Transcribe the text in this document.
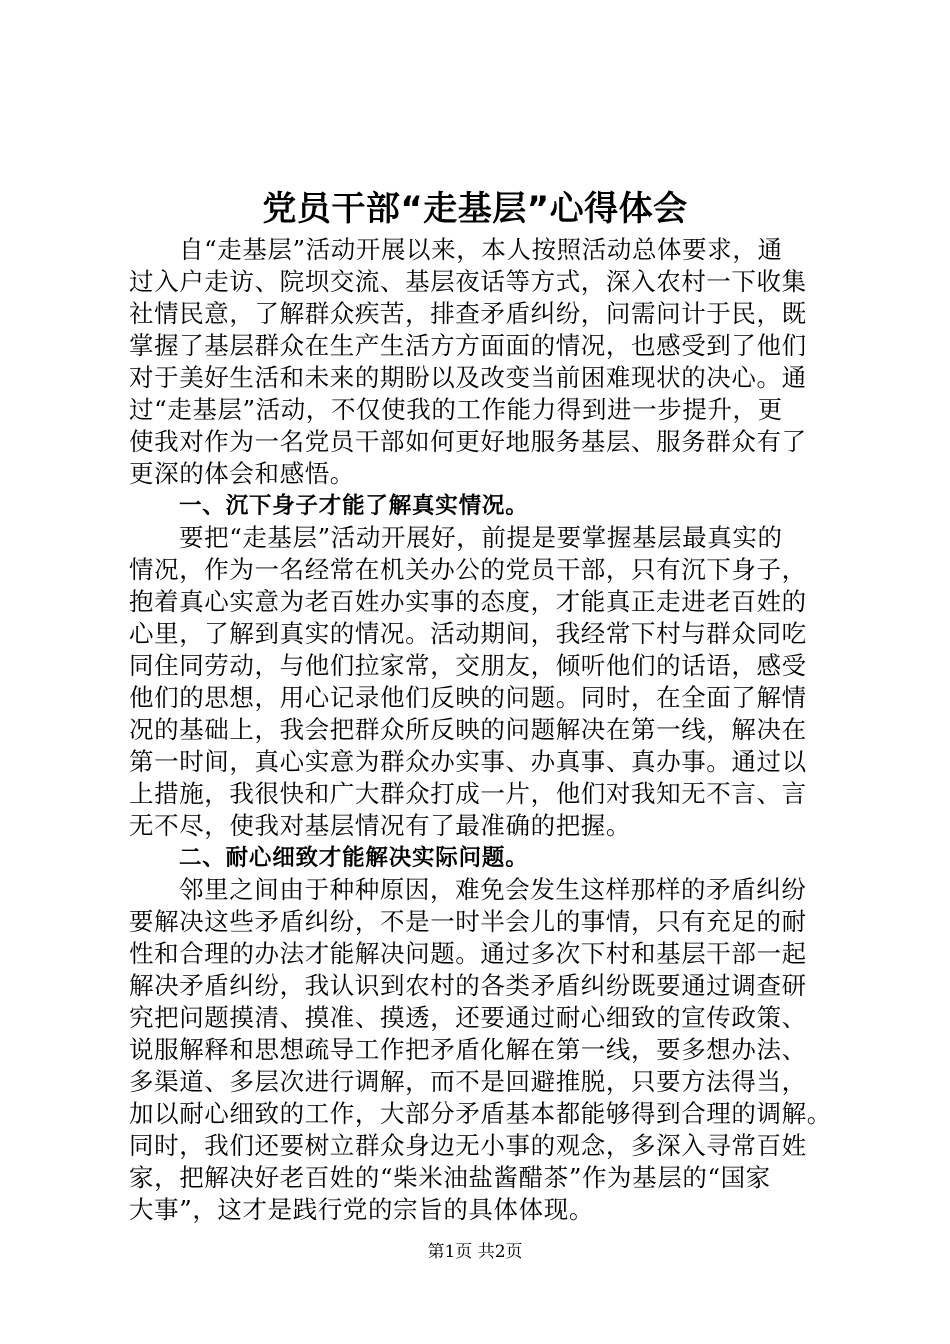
党员干部“走基层”心得体会
自“走基层”活动开展以来，本人按照活动总体要求，通
过入户走访、院坝交流、基层夜话等方式，深入农村一下收集
社情民意，了解群众疾苦，排查矛盾纠纷，问需问计于民，既
掌握了基层群众在生产生活方方面面的情况，也感受到了他们
对于美好生活和未来的期盼以及改变当前困难现状的决心。通
过“走基层”活动，不仅使我的工作能力得到进一步提升，更
使我对作为一名党员干部如何更好地服务基层、服务群众有了
更深的体会和感悟。
一、沉下身子才能了解真实情况。
要把“走基层”活动开展好，前提是要掌握基层最真实的
情况，作为一名经常在机关办公的党员干部，只有沉下身子，
抱着真心实意为老百姓办实事的态度，才能真正走进老百姓的
心里，了解到真实的情况。活动期间，我经常下村与群众同吃
同住同劳动，与他们拉家常，交朋友，倾听他们的话语，感受
他们的思想，用心记录他们反映的问题。同时，在全面了解情
况的基础上，我会把群众所反映的问题解决在第一线，解决在
第一时间，真心实意为群众办实事、办真事、真办事。通过以
上措施，我很快和广大群众打成一片，他们对我知无不言、言
无不尽，使我对基层情况有了最准确的把握。
二、耐心细致才能解决实际问题。
邻里之间由于种种原因，难免会发生这样那样的矛盾纠纷
要解决这些矛盾纠纷，不是一时半会儿的事情，只有充足的耐
性和合理的办法才能解决问题。通过多次下村和基层干部一起
解决矛盾纠纷，我认识到农村的各类矛盾纠纷既要通过调查研
究把问题摸清、摸准、摸透，还要通过耐心细致的宣传政策、
说服解释和思想疏导工作把矛盾化解在第一线，要多想办法、
多渠道、多层次进行调解，而不是回避推脱，只要方法得当，
加以耐心细致的工作，大部分矛盾基本都能够得到合理的调解。
同时，我们还要树立群众身边无小事的观念，多深入寻常百姓
家，把解决好老百姓的“柴米油盐酱醋茶”作为基层的“国家
大事”，这才是践行党的宗旨的具体体现。
第1页 共2页
